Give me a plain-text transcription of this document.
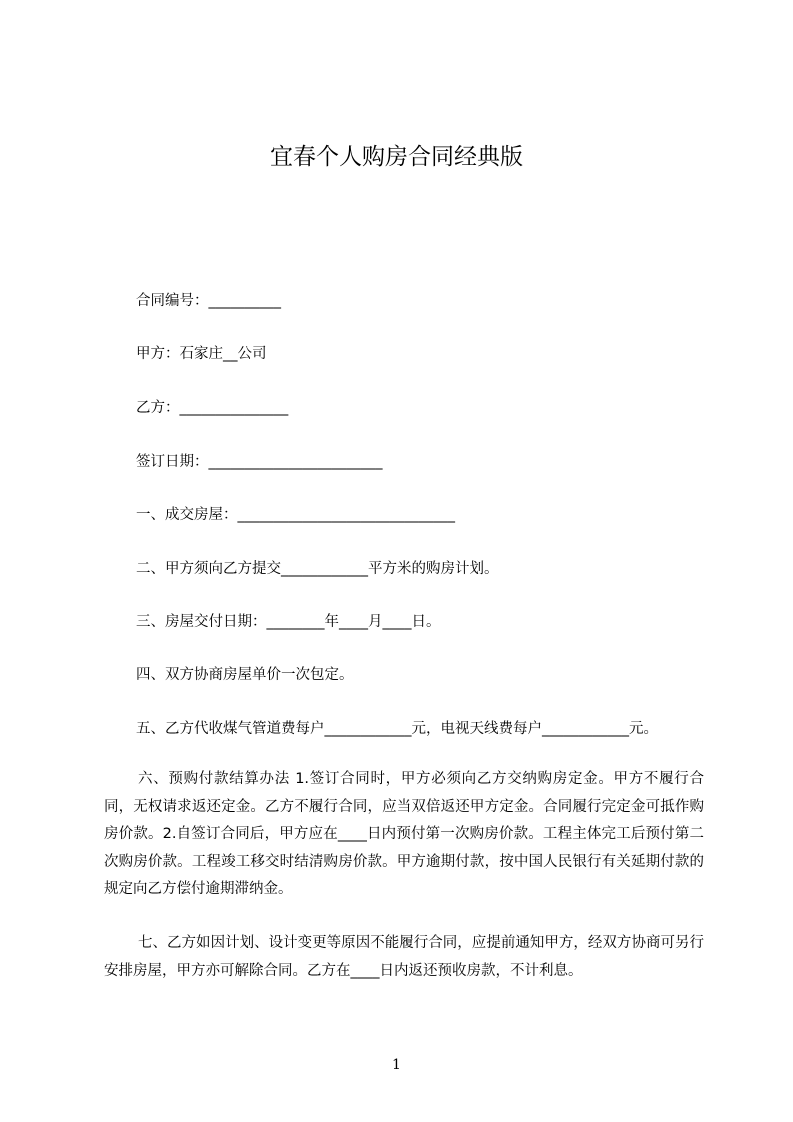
宜春个人购房合同经典版
合同编号：__________
甲方：石家庄__公司
乙方：_______________
签订日期：________________________
一、成交房屋：______________________________
二、甲方须向乙方提交____________平方米的购房计划。
三、房屋交付日期：________年____月____日。
四、双方协商房屋单价一次包定。
五、乙方代收煤气管道费每户____________元，电视天线费每户____________元。
六、预购付款结算办法 1.签订合同时，甲方必须向乙方交纳购房定金。甲方不履行合同，无权请求返还定金。乙方不履行合同，应当双倍返还甲方定金。合同履行完定金可抵作购房价款。2.自签订合同后，甲方应在____日内预付第一次购房价款。工程主体完工后预付第二次购房价款。工程竣工移交时结清购房价款。甲方逾期付款，按中国人民银行有关延期付款的规定向乙方偿付逾期滞纳金。
七、乙方如因计划、设计变更等原因不能履行合同，应提前通知甲方，经双方协商可另行安排房屋，甲方亦可解除合同。乙方在____日内返还预收房款，不计利息。
1
